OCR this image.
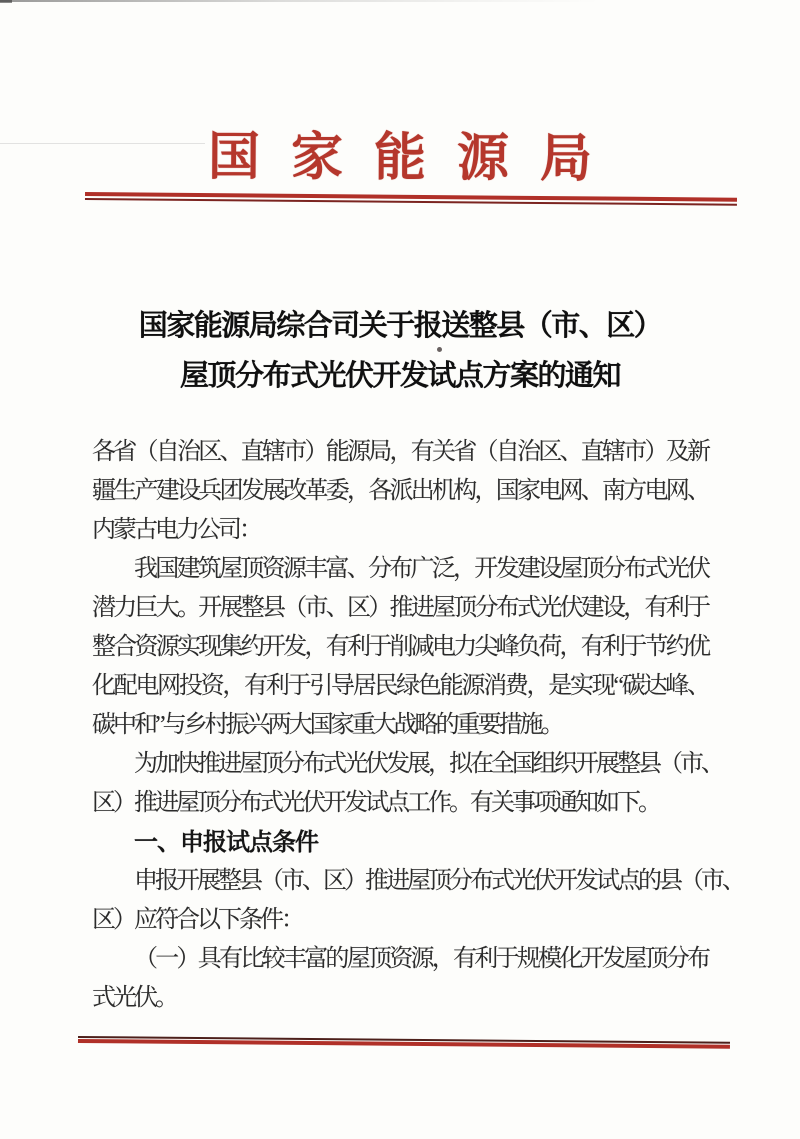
国家能源局
国家能源局综合司关于报送整县（市、区）
屋顶分布式光伏开发试点方案的通知
各省（自治区、直辖市）能源局，有关省（自治区、直辖市）及新
疆生产建设兵团发展改革委，各派出机构，国家电网、南方电网、
内蒙古电力公司：
我国建筑屋顶资源丰富、分布广泛，开发建设屋顶分布式光伏
潜力巨大。开展整县（市、区）推进屋顶分布式光伏建设，有利于
整合资源实现集约开发，有利于削减电力尖峰负荷，有利于节约优
化配电网投资，有利于引导居民绿色能源消费，是实现“碳达峰、
碳中和”与乡村振兴两大国家重大战略的重要措施。
为加快推进屋顶分布式光伏发展，拟在全国组织开展整县（市、
区）推进屋顶分布式光伏开发试点工作。有关事项通知如下。
一、申报试点条件
申报开展整县（市、区）推进屋顶分布式光伏开发试点的县（市、
区）应符合以下条件：
（一）具有比较丰富的屋顶资源，有利于规模化开发屋顶分布
式光伏。
